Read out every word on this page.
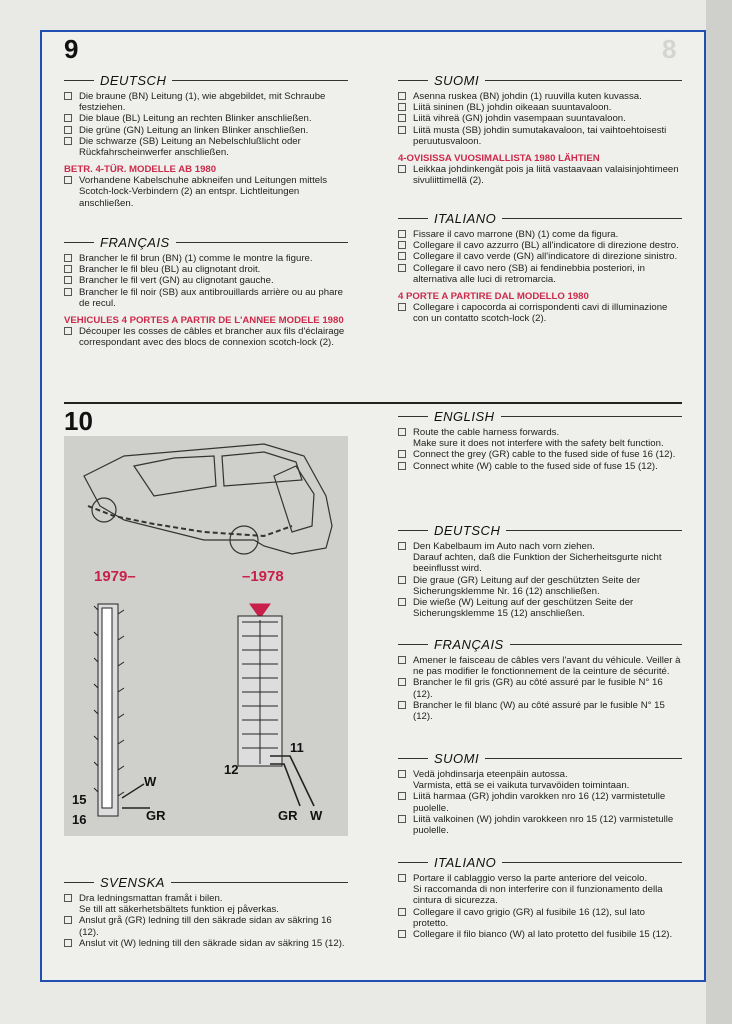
9	8
DEUTSCH
Die braune (BN) Leitung (1), wie abgebildet, mit Schraube festziehen.
Die blaue (BL) Leitung an rechten Blinker anschließen.
Die grüne (GN) Leitung an linken Blinker anschließen.
Die schwarze (SB) Leitung an Nebelschlußlicht oder Rückfahrscheinwerfer anschließen.
BETR. 4-TÜR. MODELLE AB 1980
Vorhandene Kabelschuhe abkneifen und Leitungen mittels Scotch-lock-Verbindern (2) an entspr. Lichtleitungen anschließen.
FRANÇAIS
Brancher le fil brun (BN) (1) comme le montre la figure.
Brancher le fil bleu (BL) au clignotant droit.
Brancher le fil vert (GN) au clignotant gauche.
Brancher le fil noir (SB) aux antibrouillards arrière ou au phare de recul.
VEHICULES 4 PORTES A PARTIR DE L'ANNEE MODELE 1980
Découper les cosses de câbles et brancher aux fils d'éclairage correspondant avec des blocs de connexion scotch-lock (2).
SUOMI
Asenna ruskea (BN) johdin (1) ruuvilla kuten kuvassa.
Liitä sininen (BL) johdin oikeaan suuntavaloon.
Liitä vihreä (GN) johdin vasempaan suuntavaloon.
Liitä musta (SB) johdin sumutakavaloon, tai vaihtoehtoisesti peruutusvaloon.
4-OVISISSA VUOSIMALLISTA 1980 LÄHTIEN
Leikkaa johdinkengät pois ja liitä vastaavaan valaisinjohtimeen sivuliittimellä (2).
ITALIANO
Fissare il cavo marrone (BN) (1) come da figura.
Collegare il cavo azzurro (BL) all'indicatore di direzione destro.
Collegare il cavo verde (GN) all'indicatore di direzione sinistro.
Collegare il cavo nero (SB) ai fendinebbia posteriori, in alternativa alle luci di retromarcia.
4 PORTE A PARTIRE DAL MODELLO 1980
Collegare i capocorda ai corrispondenti cavi di illuminazione con un contatto scotch-lock (2).
10
1979–	–1978
W
15
16	GR
11
12
GR W
SVENSKA
Dra ledningsmattan framåt i bilen.
Se till att säkerhetsbältets funktion ej påverkas.
Anslut grå (GR) ledning till den säkrade sidan av säkring 16 (12).
Anslut vit (W) ledning till den säkrade sidan av säkring 15 (12).
ENGLISH
Route the cable harness forwards.
Make sure it does not interfere with the safety belt function.
Connect the grey (GR) cable to the fused side of fuse 16 (12).
Connect white (W) cable to the fused side of fuse 15 (12).
DEUTSCH
Den Kabelbaum im Auto nach vorn ziehen.
Darauf achten, daß die Funktion der Sicherheitsgurte nicht beeinflusst wird.
Die graue (GR) Leitung auf der geschützten Seite der Sicherungsklemme Nr. 16 (12) anschließen.
Die wieße (W) Leitung auf der geschützen Seite der Sicherungsklemme 15 (12) anschließen.
FRANÇAIS
Amener le faisceau de câbles vers l'avant du véhicule. Veiller à ne pas modifier le fonctionnement de la ceinture de sécurité.
Brancher le fil gris (GR) au côté assuré par le fusible N° 16 (12).
Brancher le fil blanc (W) au côté assuré par le fusible N° 15 (12).
SUOMI
Vedä johdinsarja eteenpäin autossa.
Varmista, että se ei vaikuta turvavöiden toimintaan.
Liitä harmaa (GR) johdin varokken nro 16 (12) varmistetulle puolelle.
Liitä valkoinen (W) johdin varokkeen nro 15 (12) varmistetulle puolelle.
ITALIANO
Portare il cablaggio verso la parte anteriore del veicolo.
Si raccomanda di non interferire con il funzionamento della cintura di sicurezza.
Collegare il cavo grigio (GR) al fusibile 16 (12), sul lato protetto.
Collegare il filo bianco (W) al lato protetto del fusibile 15 (12).
